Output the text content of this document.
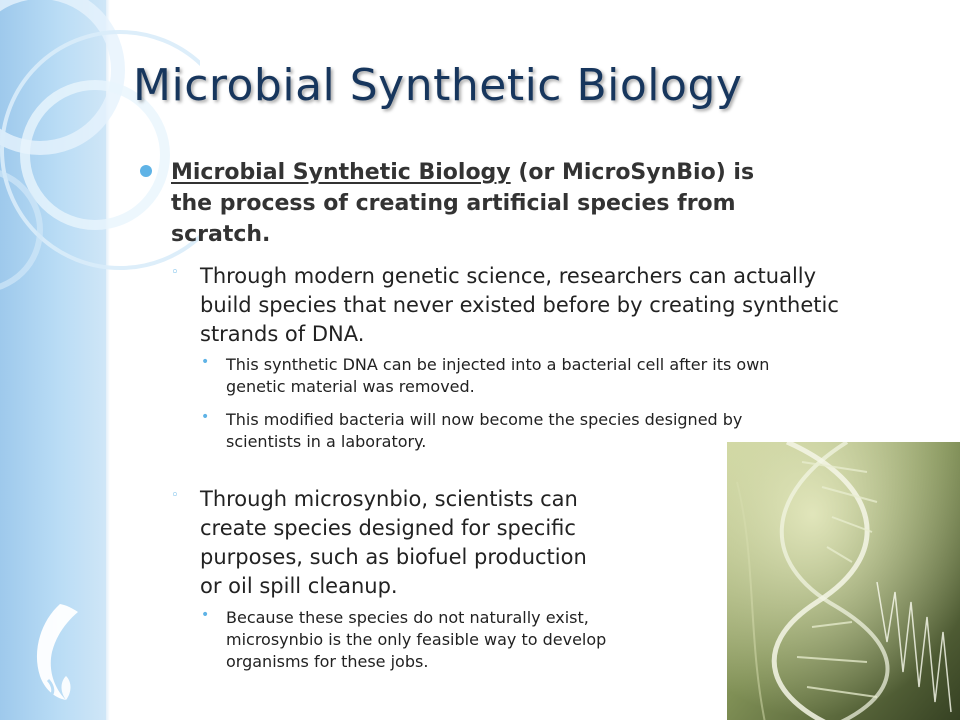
Microbial Synthetic Biology
Microbial Synthetic Biology (or MicroSynBio) is
the process of creating artificial species from
scratch.
◦ Through modern genetic science, researchers can actually
build species that never existed before by creating synthetic
strands of DNA.
• This synthetic DNA can be injected into a bacterial cell after its own
genetic material was removed.
• This modified bacteria will now become the species designed by
scientists in a laboratory.
◦ Through microsynbio, scientists can
create species designed for specific
purposes, such as biofuel production
or oil spill cleanup.
• Because these species do not naturally exist,
microsynbio is the only feasible way to develop
organisms for these jobs.
